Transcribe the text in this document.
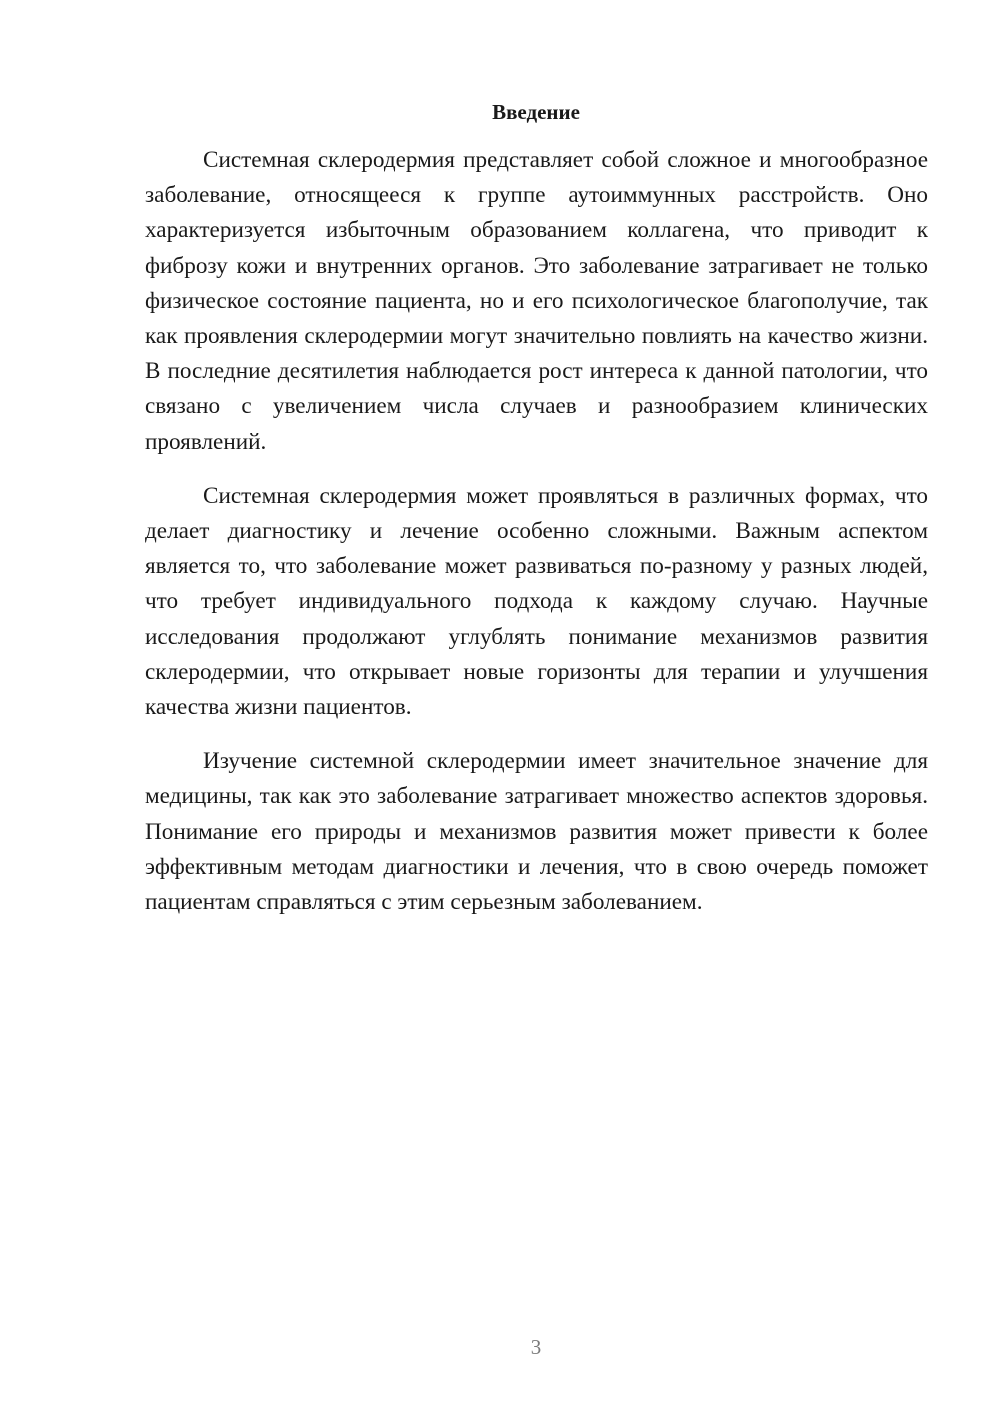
Введение

Системная склеродермия представляет собой сложное и многообразное заболевание, относящееся к группе аутоиммунных расстройств. Оно характеризуется избыточным образованием коллагена, что приводит к фиброзу кожи и внутренних органов. Это заболевание затрагивает не только физическое состояние пациента, но и его психологическое благополучие, так как проявления склеродермии могут значительно повлиять на качество жизни. В последние десятилетия наблюдается рост интереса к данной патологии, что связано с увеличением числа случаев и разнообразием клинических проявлений.

Системная склеродермия может проявляться в различных формах, что делает диагностику и лечение особенно сложными. Важным аспектом является то, что заболевание может развиваться по-разному у разных людей, что требует индивидуального подхода к каждому случаю. Научные исследования продолжают углублять понимание механизмов развития склеродермии, что открывает новые горизонты для терапии и улучшения качества жизни пациентов.

Изучение системной склеродермии имеет значительное значение для медицины, так как это заболевание затрагивает множество аспектов здоровья. Понимание его природы и механизмов развития может привести к более эффективным методам диагностики и лечения, что в свою очередь поможет пациентам справляться с этим серьезным заболеванием.

3
